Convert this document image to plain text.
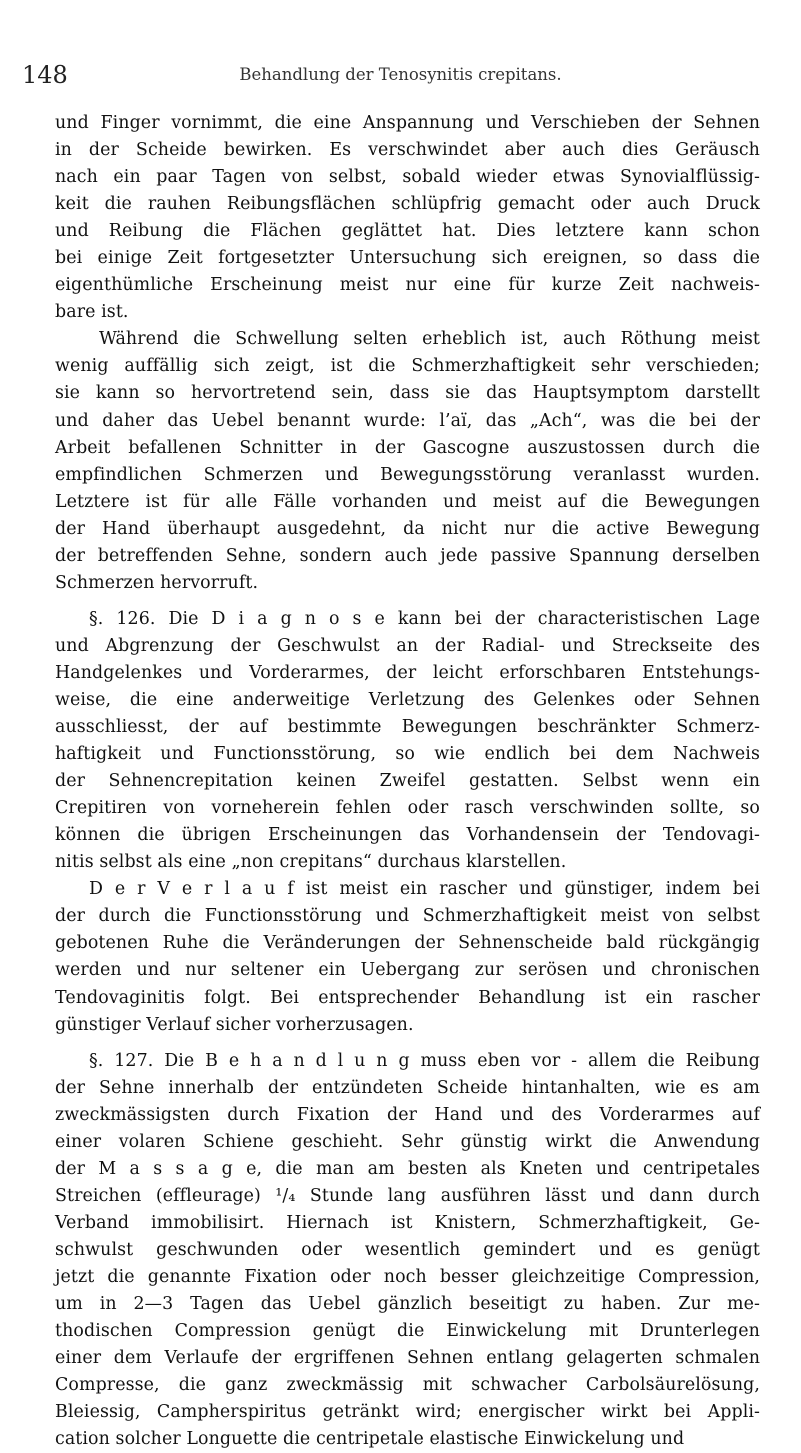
148	Behandlung der Tenosynitis crepitans.
und Finger vornimmt, die eine Anspannung und Verschieben der Sehnen
in der Scheide bewirken. Es verschwindet aber auch dies Geräusch
nach ein paar Tagen von selbst, sobald wieder etwas Synovialflüssig-
keit die rauhen Reibungsflächen schlüpfrig gemacht oder auch Druck
und Reibung die Flächen geglättet hat. Dies letztere kann schon
bei einige Zeit fortgesetzter Untersuchung sich ereignen, so dass die
eigenthümliche Erscheinung meist nur eine für kurze Zeit nachweis-
bare ist.
Während die Schwellung selten erheblich ist, auch Röthung meist
wenig auffällig sich zeigt, ist die Schmerzhaftigkeit sehr verschieden;
sie kann so hervortretend sein, dass sie das Hauptsymptom darstellt
und daher das Uebel benannt wurde: l’aï, das „Ach“, was die bei der
Arbeit befallenen Schnitter in der Gascogne auszustossen durch die
empfindlichen Schmerzen und Bewegungsstörung veranlasst wurden.
Letztere ist für alle Fälle vorhanden und meist auf die Bewegungen
der Hand überhaupt ausgedehnt, da nicht nur die active Bewegung
der betreffenden Sehne, sondern auch jede passive Spannung derselben
Schmerzen hervorruft.
§. 126. Die D i a g n o s e kann bei der characteristischen Lage
und Abgrenzung der Geschwulst an der Radial- und Streckseite des
Handgelenkes und Vorderarmes, der leicht erforschbaren Entstehungs-
weise, die eine anderweitige Verletzung des Gelenkes oder Sehnen
ausschliesst, der auf bestimmte Bewegungen beschränkter Schmerz-
haftigkeit und Functionsstörung, so wie endlich bei dem Nachweis
der Sehnencrepitation keinen Zweifel gestatten. Selbst wenn ein
Crepitiren von vorneherein fehlen oder rasch verschwinden sollte, so
können die übrigen Erscheinungen das Vorhandensein der Tendovagi-
nitis selbst als eine „non crepitans“ durchaus klarstellen.
D e r V e r l a u f ist meist ein rascher und günstiger, indem bei
der durch die Functionsstörung und Schmerzhaftigkeit meist von selbst
gebotenen Ruhe die Veränderungen der Sehnenscheide bald rückgängig
werden und nur seltener ein Uebergang zur serösen und chronischen
Tendovaginitis folgt. Bei entsprechender Behandlung ist ein rascher
günstiger Verlauf sicher vorherzusagen.
§. 127. Die B e h a n d l u n g muss eben vor - allem die Reibung
der Sehne innerhalb der entzündeten Scheide hintanhalten, wie es am
zweckmässigsten durch Fixation der Hand und des Vorderarmes auf
einer volaren Schiene geschieht. Sehr günstig wirkt die Anwendung
der M a s s a g e, die man am besten als Kneten und centripetales
Streichen (effleurage) ¹/₄ Stunde lang ausführen lässt und dann durch
Verband immobilisirt. Hiernach ist Knistern, Schmerzhaftigkeit, Ge-
schwulst geschwunden oder wesentlich gemindert und es genügt
jetzt die genannte Fixation oder noch besser gleichzeitige Compression,
um in 2—3 Tagen das Uebel gänzlich beseitigt zu haben. Zur me-
thodischen Compression genügt die Einwickelung mit Drunterlegen
einer dem Verlaufe der ergriffenen Sehnen entlang gelagerten schmalen
Compresse, die ganz zweckmässig mit schwacher Carbolsäurelösung,
Bleiessig, Campherspiritus getränkt wird; energischer wirkt bei Appli-
cation solcher Longuette die centripetale elastische Einwickelung und
